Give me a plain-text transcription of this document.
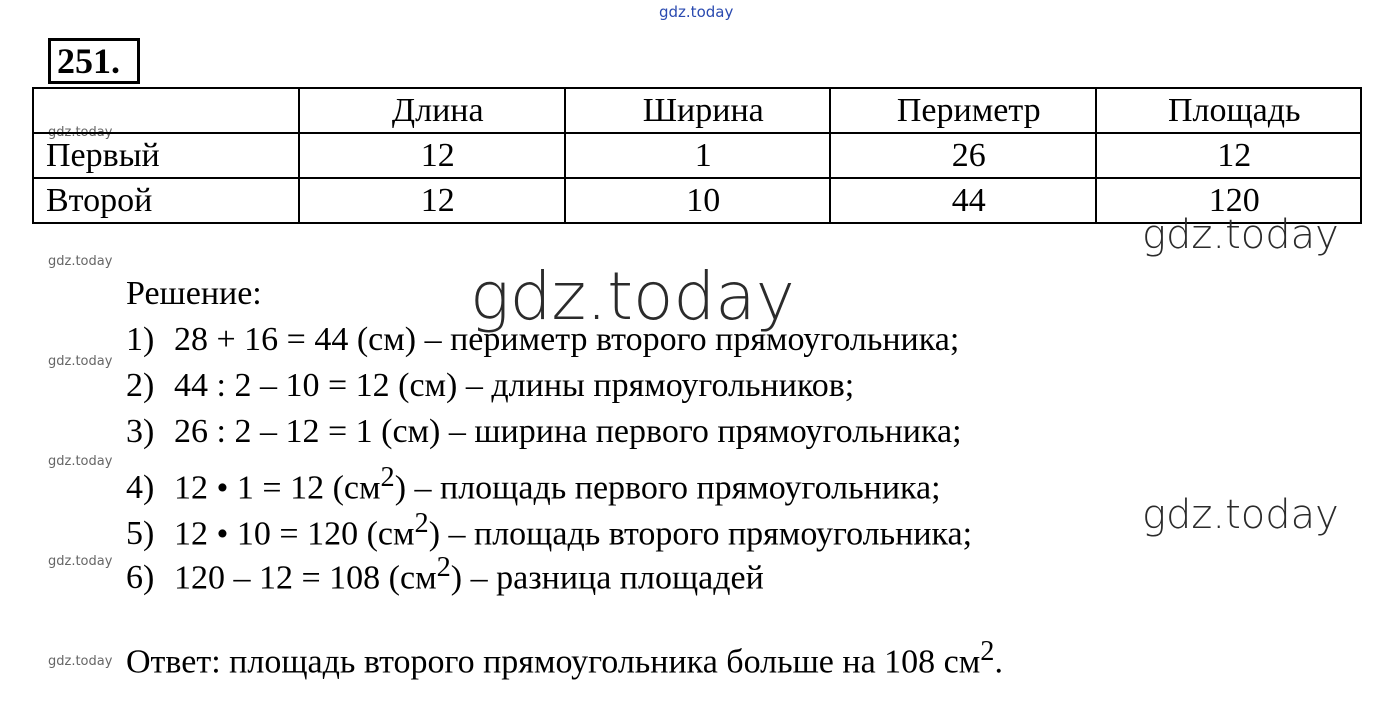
gdz.today
gdz.today
gdz.today
gdz.today
gdz.today
gdz.today
gdz.today
251.
	Длина	Ширина	Периметр	Площадь
Первый	12	1	26	12
Второй	12	10	44	120
Решение:
1) 28 + 16 = 44 (см) – периметр второго прямоугольника;
2) 44 : 2 – 10 = 12 (см) – длины прямоугольников;
3) 26 : 2 – 12 = 1 (см) – ширина первого прямоугольника;
4) 12 • 1 = 12 $(см^2)$ – площадь первого прямоугольника;
5) 12 • 10 = 120 $(см^2)$ – площадь второго прямоугольника;
6) 120 – 12 = 108 $(см^2)$ – разница площадей
Ответ: площадь второго прямоугольника больше на 108 $см^2$.
gdz.today
gdz.today
gdz.today
